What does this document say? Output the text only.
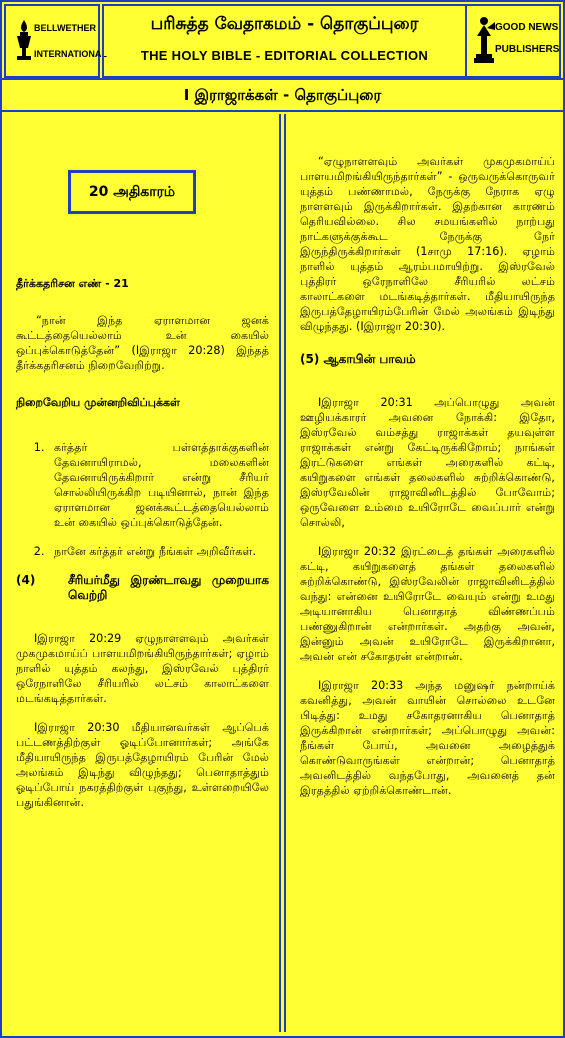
BELLWETHER
INTERNATIONAL
பரிசுத்த வேதாகமம் - தொகுப்புரை
THE HOLY BIBLE - EDITORIAL COLLECTION
GOOD NEWS
PUBLISHERS
I இராஜாக்கள் - தொகுப்புரை
20 அதிகாரம்

தீர்க்கதரிசன எண் - 21

“நான் இந்த ஏராளமான ஜனக் கூட்டத்தையெல்லாம் உன் கையில் ஒப்புக்கொடுத்தேன்” (Iஇராஜா 20:28) இந்தத் தீர்க்கதரிசனம் நிறைவேறிற்று.

நிறைவேறிய முன்னறிவிப்புக்கள்

1. கர்த்தர் பள்ளத்தாக்குகளின் தேவனாயிராமல், மலைகளின் தேவனாயிருக்கிறார் என்று சீரியர் சொல்லியிருக்கிற படியினால், நான் இந்த ஏராளமான ஜனக்கூட்டத்தையெல்லாம் உன் கையில் ஒப்புக்கொடுத்தேன்.
2. நானே கர்த்தர் என்று நீங்கள் அறிவீர்கள்.
(4)	சீரியர்மீது இரண்டாவது முறையாக வெற்றி

Iஇராஜா 20:29 ஏழுநாளளவும் அவர்கள் முகமுகமாய்ப் பாளயமிறங்கியிருந்தார்கள்; ஏழாம் நாளில் யுத்தம் கலந்து, இஸ்ரவேல் புத்திரர் ஒரேநாளிலே சீரியரில் லட்சம் காலாட்களை மடங்கடித்தார்கள்.

Iஇராஜா 20:30 மீதியானவர்கள் ஆப்பெக் பட்டணத்திற்குள் ஓடிப்போனார்கள்; அங்கே மீதியாயிருந்த இருபத்தேழாயிரம் பேரின் மேல் அலங்கம் இடிந்து விழுந்தது; பெனாதாத்தும் ஓடிப்போய் நகரத்திற்குள் புகுந்து, உள்ளறையிலே பதுங்கினான்.

“ஏழுநாளளவும் அவர்கள் முகமுகமாய்ப் பாளயமிறங்கியிருந்தார்கள்” - ஒருவருக்கொருவர் யுத்தம் பண்ணாமல், நேருக்கு நேராக ஏழு நாளளவும் இருக்கிறார்கள். இதற்கான காரணம் தெரியவில்லை. சில சமயங்களில் நாற்பது நாட்களுக்குக்கூட நேருக்கு நேர் இருந்திருக்கிறார்கள் (1சாமு 17:16). ஏழாம் நாளில் யுத்தம் ஆரம்பமாயிற்று. இஸ்ரவேல் புத்திரர் ஒரேநாளிலே சீரியரில் லட்சம் காலாட்களை மடங்கடித்தார்கள். மீதியாயிருந்த இருபத்தேழாயிரம்பேரின் மேல் அலங்கம் இடிந்து விழுந்தது. (Iஇராஜா 20:30).

(5) ஆகாபின் பாவம்

Iஇராஜா 20:31 அப்பொழுது அவன் ஊழியக்காரர் அவனை நோக்கி: இதோ, இஸ்ரவேல் வம்சத்து ராஜாக்கள் தயவுள்ள ராஜாக்கள் என்று கேட்டிருக்கிறோம்; நாங்கள் இரட்டுகளை எங்கள் அரைகளில் கட்டி, கயிறுகளை எங்கள் தலைகளில் சுற்றிக்கொண்டு, இஸ்ரவேலின் ராஜாவினிடத்தில் போவோம்; ஒருவேளை உம்மை உயிரோடே வைப்பார் என்று சொல்லி,

Iஇராஜா 20:32 இரட்டைத் தங்கள் அரைகளில் கட்டி, கயிறுகளைத் தங்கள் தலைகளில் சுற்றிக்கொண்டு, இஸ்ரவேலின் ராஜாவினிடத்தில் வந்து: என்னை உயிரோடே வையும் என்று உமது அடியானாகிய பெனாதாத் விண்ணப்பம் பண்ணுகிறான் என்றார்கள். அதற்கு அவன், இன்னும் அவன் உயிரோடே இருக்கிறானா, அவன் என் சகோதரன் என்றான்.

Iஇராஜா 20:33 அந்த மனுஷர் நன்றாய்க் கவனித்து, அவன் வாயின் சொல்லை உடனே பிடித்து: உமது சகோதரனாகிய பெனாதாத் இருக்கிறான் என்றார்கள்; அப்பொழுது அவன்: நீங்கள் போய், அவனை அழைத்துக் கொண்டுவாருங்கள் என்றான்; பெனாதாத் அவனிடத்தில் வந்தபோது, அவனைத் தன் இரதத்தில் ஏற்றிக்கொண்டான்.
